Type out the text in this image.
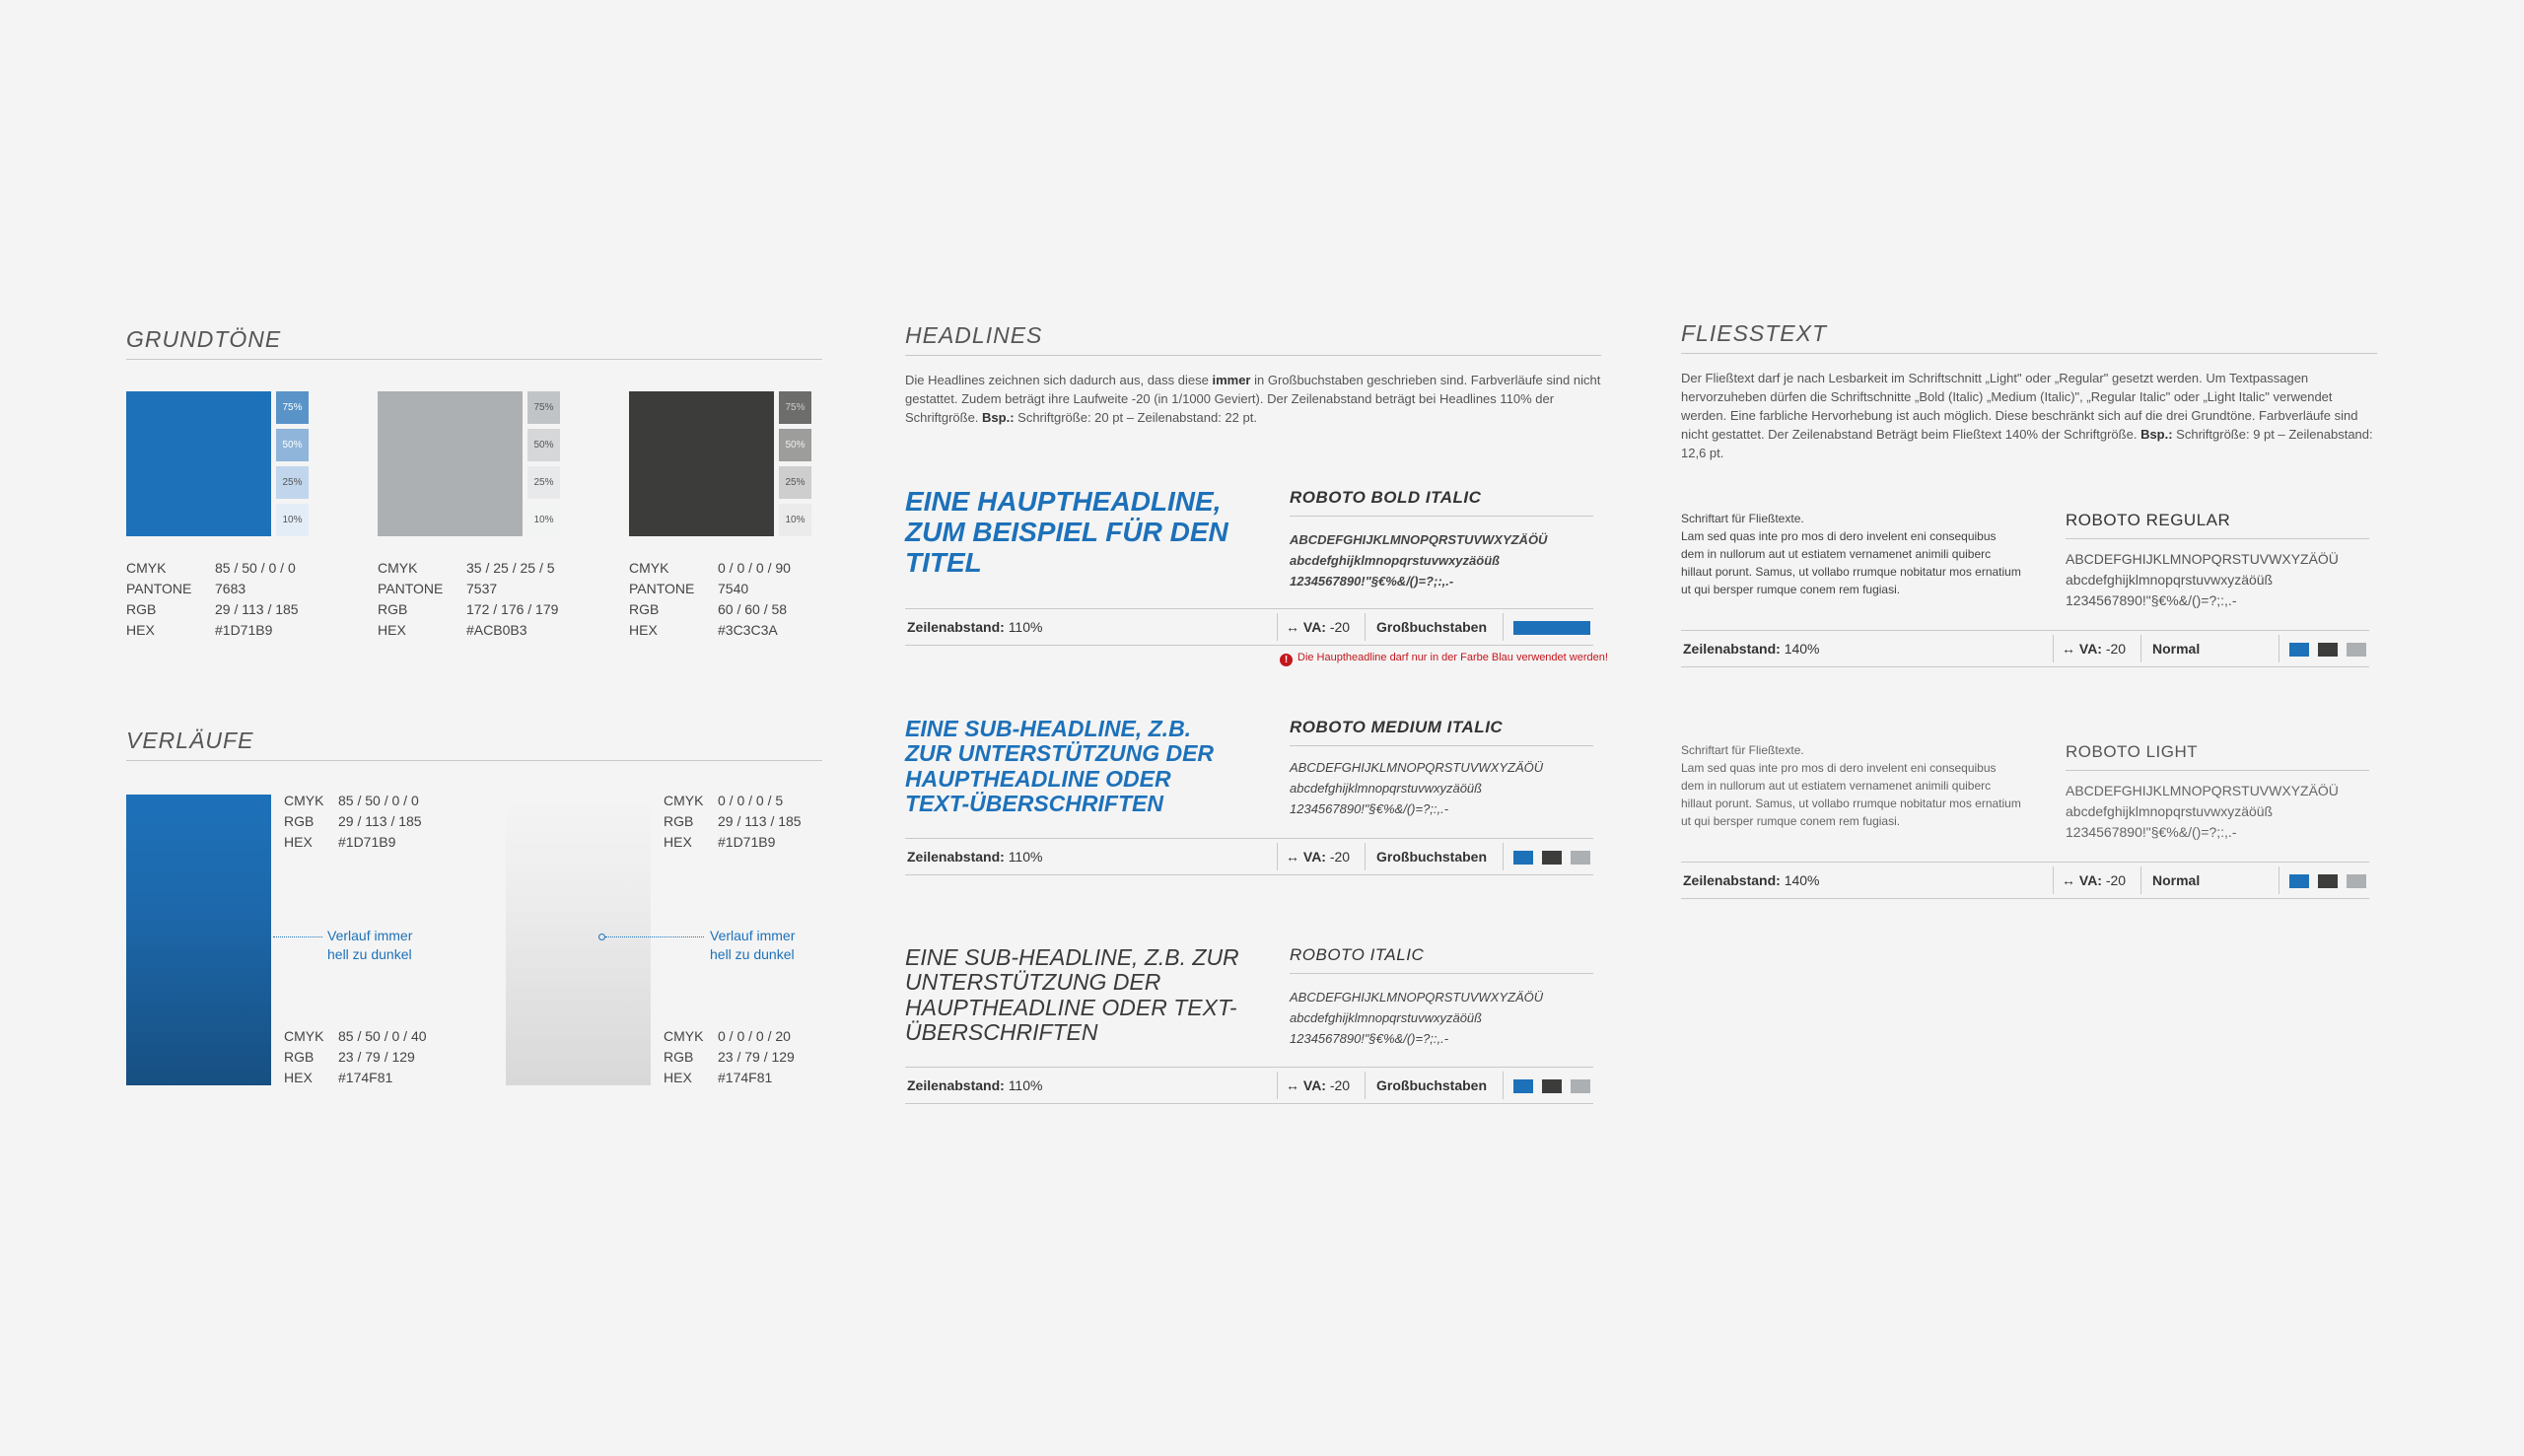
GRUNDTÖNE
75%
50%
25%
10%
CMYK	85 / 50 / 0 / 0
PANTONE 7683
RGB	29 / 113 / 185
HEX	#1D71B9
75%
50%
25%
10%
CMYK	35 / 25 / 25 / 5
PANTONE 7537
RGB	172 / 176 / 179
HEX	#ACB0B3
75%
50%
25%
10%
CMYK	0 / 0 / 0 / 90
PANTONE 7540
RGB	60 / 60 / 58
HEX	#3C3C3A
VERLÄUFE
CMYK 85 / 50 / 0 / 0
RGB 29 / 113 / 185
HEX #1D71B9
Verlauf immer
hell zu dunkel
CMYK 85 / 50 / 0 / 40
RGB 23 / 79 / 129
HEX #174F81
CMYK 0 / 0 / 0 / 5
RGB 29 / 113 / 185
HEX #1D71B9
Verlauf immer
hell zu dunkel
CMYK 0 / 0 / 0 / 20
RGB 23 / 79 / 129
HEX #174F81
HEADLINES
Die Headlines zeichnen sich dadurch aus, dass diese immer in Großbuchstaben geschrieben sind. Farbverläufe sind nicht gestattet. Zudem beträgt ihre Laufweite -20 (in 1/1000 Geviert). Der Zeilenabstand beträgt bei Headlines 110% der Schriftgröße. Bsp.: Schriftgröße: 20 pt – Zeilenabstand: 22 pt.
EINE HAUPTHEADLINE, ZUM BEISPIEL FÜR DEN TITEL
ROBOTO BOLD ITALIC
ABCDEFGHIJKLMNOPQRSTUVWXYZÄÖÜ
abcdefghijklmnopqrstuvwxyzäöüß
1234567890!"§€%&/()=?;:,.-
Zeilenabstand: 110%	↔ VA: -20 Großbuchstaben
! Die Hauptheadline darf nur in der Farbe Blau verwendet werden!
EINE SUB-HEADLINE, Z.B. ZUR UNTERSTÜTZUNG DER HAUPTHEADLINE ODER TEXT-ÜBERSCHRIFTEN
ROBOTO MEDIUM ITALIC
ABCDEFGHIJKLMNOPQRSTUVWXYZÄÖÜ
abcdefghijklmnopqrstuvwxyzäöüß
1234567890!"§€%&/()=?;:,.-
Zeilenabstand: 110%	↔ VA: -20 Großbuchstaben
EINE SUB-HEADLINE, Z.B. ZUR UNTERSTÜTZUNG DER HAUPTHEADLINE ODER TEXT-ÜBERSCHRIFTEN
ROBOTO ITALIC
ABCDEFGHIJKLMNOPQRSTUVWXYZÄÖÜ
abcdefghijklmnopqrstuvwxyzäöüß
1234567890!"§€%&/()=?;:,.-
Zeilenabstand: 110%	↔ VA: -20 Großbuchstaben
FLIESSTEXT
Der Fließtext darf je nach Lesbarkeit im Schriftschnitt „Light" oder „Regular" gesetzt werden. Um Textpassagen hervorzuheben dürfen die Schriftschnitte „Bold (Italic) „Medium (Italic)", „Regular Italic" oder „Light Italic" verwendet werden. Eine farbliche Hervorhebung ist auch möglich. Diese beschränkt sich auf die drei Grundtöne. Farbverläufe sind nicht gestattet. Der Zeilenabstand Beträgt beim Fließtext 140% der Schriftgröße. Bsp.: Schriftgröße: 9 pt – Zeilenabstand: 12,6 pt.
Schriftart für Fließtexte.
Lam sed quas inte pro mos di dero invelent eni consequibus dem in nullorum aut ut estiatem vernamenet animili quiberc hillaut porunt. Samus, ut vollabo rrumque nobitatur mos ernatium ut qui bersper rumque conem rem fugiasi.
ROBOTO REGULAR
ABCDEFGHIJKLMNOPQRSTUVWXYZÄÖÜ
abcdefghijklmnopqrstuvwxyzäöüß
1234567890!"§€%&/()=?;:,.-
Zeilenabstand: 140%	↔ VA: -20 Normal
Schriftart für Fließtexte.
Lam sed quas inte pro mos di dero invelent eni consequibus dem in nullorum aut ut estiatem vernamenet animili quiberc hillaut porunt. Samus, ut vollabo rrumque nobitatur mos ernatium ut qui bersper rumque conem rem fugiasi.
ROBOTO LIGHT
ABCDEFGHIJKLMNOPQRSTUVWXYZÄÖÜ
abcdefghijklmnopqrstuvwxyzäöüß
1234567890!"§€%&/()=?;:,.-
Zeilenabstand: 140%	↔ VA: -20 Normal
